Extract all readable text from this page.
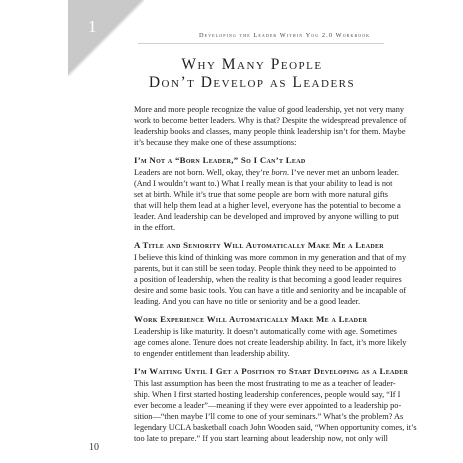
1	Developing the Leader Within You 2.0 Workbook
Why Many People
Don’t Develop as Leaders
More and more people recognize the value of good leadership, yet not very many
work to become better leaders. Why is that? Despite the widespread prevalence of
leadership books and classes, many people think leadership isn’t for them. Maybe
it’s because they make one of these assumptions:
I’m Not a “Born Leader,” So I Can’t Lead
Leaders are not born. Well, okay, they’re born. I’ve never met an unborn leader.
(And I wouldn’t want to.) What I really mean is that your ability to lead is not
set at birth. While it’s true that some people are born with more natural gifts
that will help them lead at a higher level, everyone has the potential to become a
leader. And leadership can be developed and improved by anyone willing to put
in the effort.
A Title and Seniority Will Automatically Make Me a Leader
I believe this kind of thinking was more common in my generation and that of my
parents, but it can still be seen today. People think they need to be appointed to
a position of leadership, when the reality is that becoming a good leader requires
desire and some basic tools. You can have a title and seniority and be incapable of
leading. And you can have no title or seniority and be a good leader.
Work Experience Will Automatically Make Me a Leader
Leadership is like maturity. It doesn’t automatically come with age. Sometimes
age comes alone. Tenure does not create leadership ability. In fact, it’s more likely
to engender entitlement than leadership ability.
I’m Waiting Until I Get a Position to Start Developing as a Leader
This last assumption has been the most frustrating to me as a teacher of leader-
ship. When I first started hosting leadership conferences, people would say, “If I
ever become a leader”—meaning if they were ever appointed to a leadership po-
sition—“then maybe I’ll come to one of your seminars.” What’s the problem? As
legendary UCLA basketball coach John Wooden said, “When opportunity comes, it’s
too late to prepare.” If you start learning about leadership now, not only will
10
